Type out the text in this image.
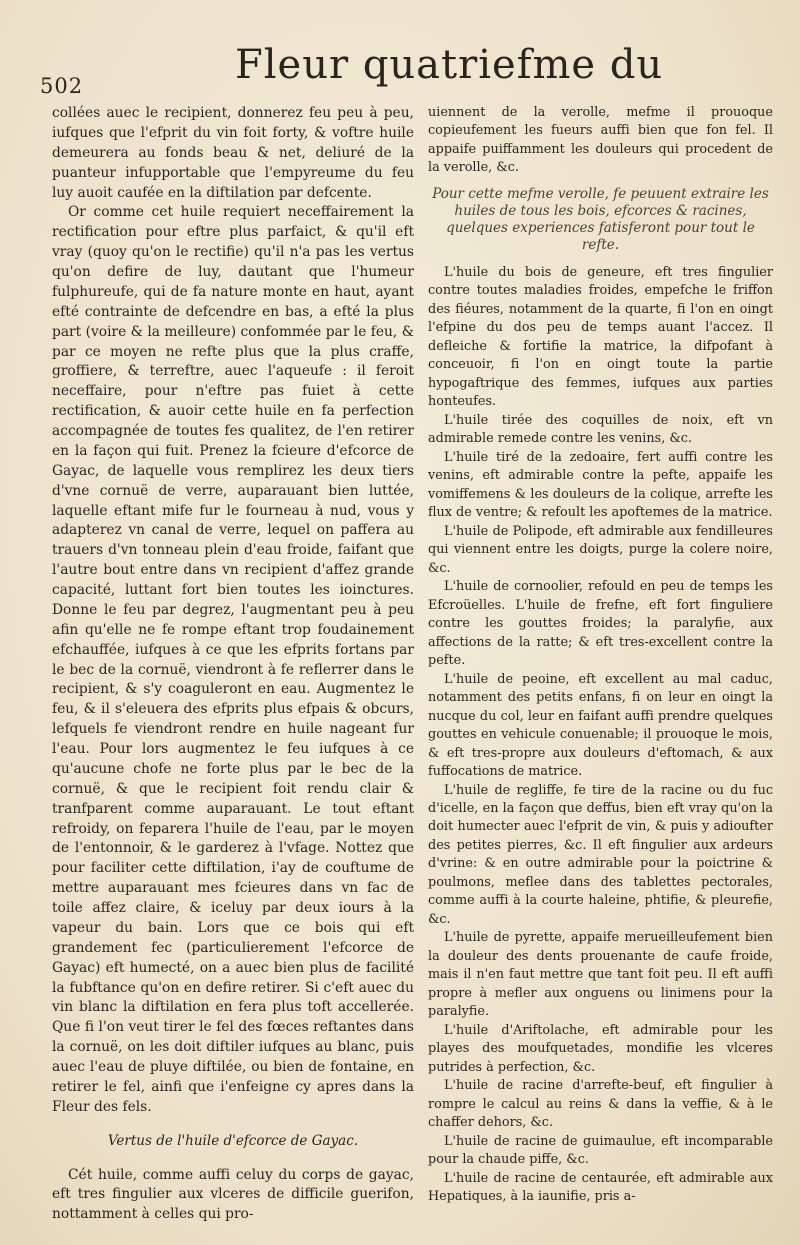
502	Fleur quatriefme du

collées auec le recipient, donnerez feu peu à peu, iufques que l'efprit du vin foit forty, & voftre huile demeurera au fonds beau & net, deliuré de la puanteur infupportable que l'empyreume du feu luy auoit caufée en la diftilation par defcente.

Or comme cet huile requiert neceffairement la rectification pour eftre plus parfaict, & qu'il eft vray (quoy qu'on le rectifie) qu'il n'a pas les vertus qu'on defire de luy, dautant que l'humeur fulphureufe, qui de fa nature monte en haut, ayant efté contrainte de defcendre en bas, a efté la plus part (voire & la meilleure) confommée par le feu, & par ce moyen ne refte plus que la plus craffe, groffiere, & terreftre, auec l'aqueufe : il feroit neceffaire, pour n'eftre pas fuiet à cette rectification, & auoir cette huile en fa perfection accompagnée de toutes fes qualitez, de l'en retirer en la façon qui fuit. Prenez la fcieure d'efcorce de Gayac, de laquelle vous remplirez les deux tiers d'vne cornuë de verre, auparauant bien luttée, laquelle eftant mife fur le fourneau à nud, vous y adapterez vn canal de verre, lequel on paffera au trauers d'vn tonneau plein d'eau froide, faifant que l'autre bout entre dans vn recipient d'affez grande capacité, luttant fort bien toutes les ioinctures. Donne le feu par degrez, l'augmentant peu à peu afin qu'elle ne fe rompe eftant trop foudainement efchauffée, iufques à ce que les efprits fortans par le bec de la cornuë, viendront à fe reflerrer dans le recipient, & s'y coaguleront en eau. Augmentez le feu, & il s'eleuera des efprits plus efpais & obcurs, lefquels fe viendront rendre en huile nageant fur l'eau. Pour lors augmentez le feu iufques à ce qu'aucune chofe ne forte plus par le bec de la cornuë, & que le recipient foit rendu clair & tranfparent comme auparauant. Le tout eftant refroidy, on feparera l'huile de l'eau, par le moyen de l'entonnoir, & le garderez à l'vfage. Nottez que pour faciliter cette diftilation, i'ay de couftume de mettre auparauant mes fcieures dans vn fac de toile affez claire, & iceluy par deux iours à la vapeur du bain. Lors que ce bois qui eft grandement fec (particulierement l'efcorce de Gayac) eft humecté, on a auec bien plus de facilité la fubftance qu'on en defire retirer. Si c'eft auec du vin blanc la diftilation en fera plus toft accellerée. Que fi l'on veut tirer le fel des fœces reftantes dans la cornuë, on les doit diftiler iufques au blanc, puis auec l'eau de pluye diftilée, ou bien de fontaine, en retirer le fel, ainfi que i'enfeigne cy apres dans la Fleur des fels.

Vertus de l'huile d'efcorce de Gayac.

Cét huile, comme auffi celuy du corps de gayac, eft tres fingulier aux vlceres de difficile guerifon, nottamment à celles qui pro-

uiennent de la verolle, mefme il prouoque copieufement les fueurs auffi bien que fon fel. Il appaife puiffamment les douleurs qui procedent de la verolle, &c.

Pour cette mefme verolle, fe peuuent extraire les huiles de tous les bois, efcorces & racines, quelques experiences fatisferont pour tout le refte.

L'huile du bois de geneure, eft tres fingulier contre toutes maladies froides, empefche le friffon des fiéures, notamment de la quarte, fi l'on en oingt l'efpine du dos peu de temps auant l'accez. Il defleiche & fortifie la matrice, la difpofant à conceuoir, fi l'on en oingt toute la partie hypogaftrique des femmes, iufques aux parties honteufes.

L'huile tirée des coquilles de noix, eft vn admirable remede contre les venins, &c.

L'huile tiré de la zedoaire, fert auffi contre les venins, eft admirable contre la pefte, appaife les vomiffemens & les douleurs de la colique, arrefte les flux de ventre; & refoult les apoftemes de la matrice.

L'huile de Polipode, eft admirable aux fendilleures qui viennent entre les doigts, purge la colere noire, &c.

L'huile de cornoolier, refould en peu de temps les Efcroüelles. L'huile de frefne, eft fort finguliere contre les gouttes froides; la paralyfie, aux affections de la ratte; & eft tres-excellent contre la pefte.

L'huile de peoine, eft excellent au mal caduc, notamment des petits enfans, fi on leur en oingt la nucque du col, leur en faifant auffi prendre quelques gouttes en vehicule conuenable; il prouoque le mois, & eft tres-propre aux douleurs d'eftomach, & aux fuffocations de matrice.

L'huile de regliffe, fe tire de la racine ou du fuc d'icelle, en la façon que deffus, bien eft vray qu'on la doit humecter auec l'efprit de vin, & puis y adioufter des petites pierres, &c. Il eft fingulier aux ardeurs d'vrine: & en outre admirable pour la poictrine & poulmons, meflee dans des tablettes pectorales, comme auffi à la courte haleine, phtifie, & pleurefie, &c.

L'huile de pyrette, appaife merueilleufement bien la douleur des dents prouenante de caufe froide, mais il n'en faut mettre que tant foit peu. Il eft auffi propre à mefler aux onguens ou linimens pour la paralyfie.

L'huile d'Ariftolache, eft admirable pour les playes des moufquetades, mondifie les vlceres putrides à perfection, &c.

L'huile de racine d'arrefte-beuf, eft fingulier à rompre le calcul au reins & dans la veffie, & à le chaffer dehors, &c.

L'huile de racine de guimaulue, eft incomparable pour la chaude piffe, &c.

L'huile de racine de centaurée, eft admirable aux Hepatiques, à la iaunifie, pris a-
